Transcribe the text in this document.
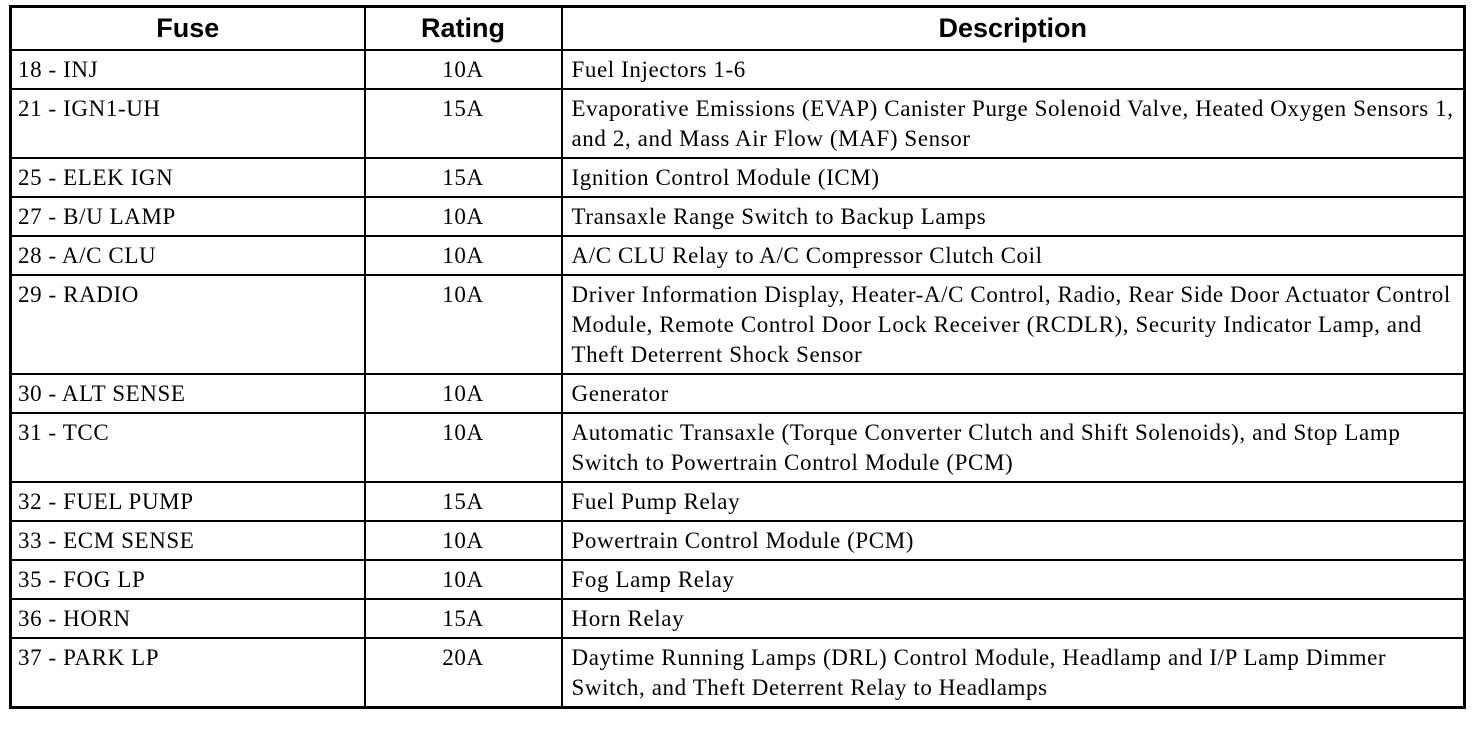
Fuse	Rating	Description
18 - INJ	10A	Fuel Injectors 1-6
21 - IGN1-UH	15A	Evaporative Emissions (EVAP) Canister Purge Solenoid Valve, Heated Oxygen Sensors 1, and 2, and Mass Air Flow (MAF) Sensor
25 - ELEK IGN	15A	Ignition Control Module (ICM)
27 - B/U LAMP	10A	Transaxle Range Switch to Backup Lamps
28 - A/C CLU	10A	A/C CLU Relay to A/C Compressor Clutch Coil
29 - RADIO	10A	Driver Information Display, Heater-A/C Control, Radio, Rear Side Door Actuator Control Module, Remote Control Door Lock Receiver (RCDLR), Security Indicator Lamp, and Theft Deterrent Shock Sensor
30 - ALT SENSE	10A	Generator
31 - TCC	10A	Automatic Transaxle (Torque Converter Clutch and Shift Solenoids), and Stop Lamp Switch to Powertrain Control Module (PCM)
32 - FUEL PUMP	15A	Fuel Pump Relay
33 - ECM SENSE	10A	Powertrain Control Module (PCM)
35 - FOG LP	10A	Fog Lamp Relay
36 - HORN	15A	Horn Relay
37 - PARK LP	20A	Daytime Running Lamps (DRL) Control Module, Headlamp and I/P Lamp Dimmer Switch, and Theft Deterrent Relay to Headlamps
